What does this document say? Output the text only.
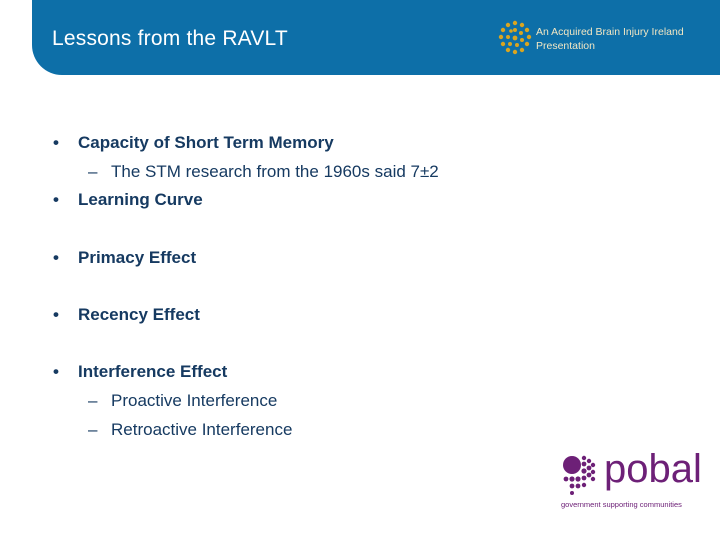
Lessons from the RAVLT	An Acquired Brain Injury Ireland
Presentation
• Capacity of Short Term Memory
– The STM research from the 1960s said 7±2
• Learning Curve
• Primacy Effect
• Recency Effect
• Interference Effect
– Proactive Interference
– Retroactive Interference
pobal
government supporting communities
